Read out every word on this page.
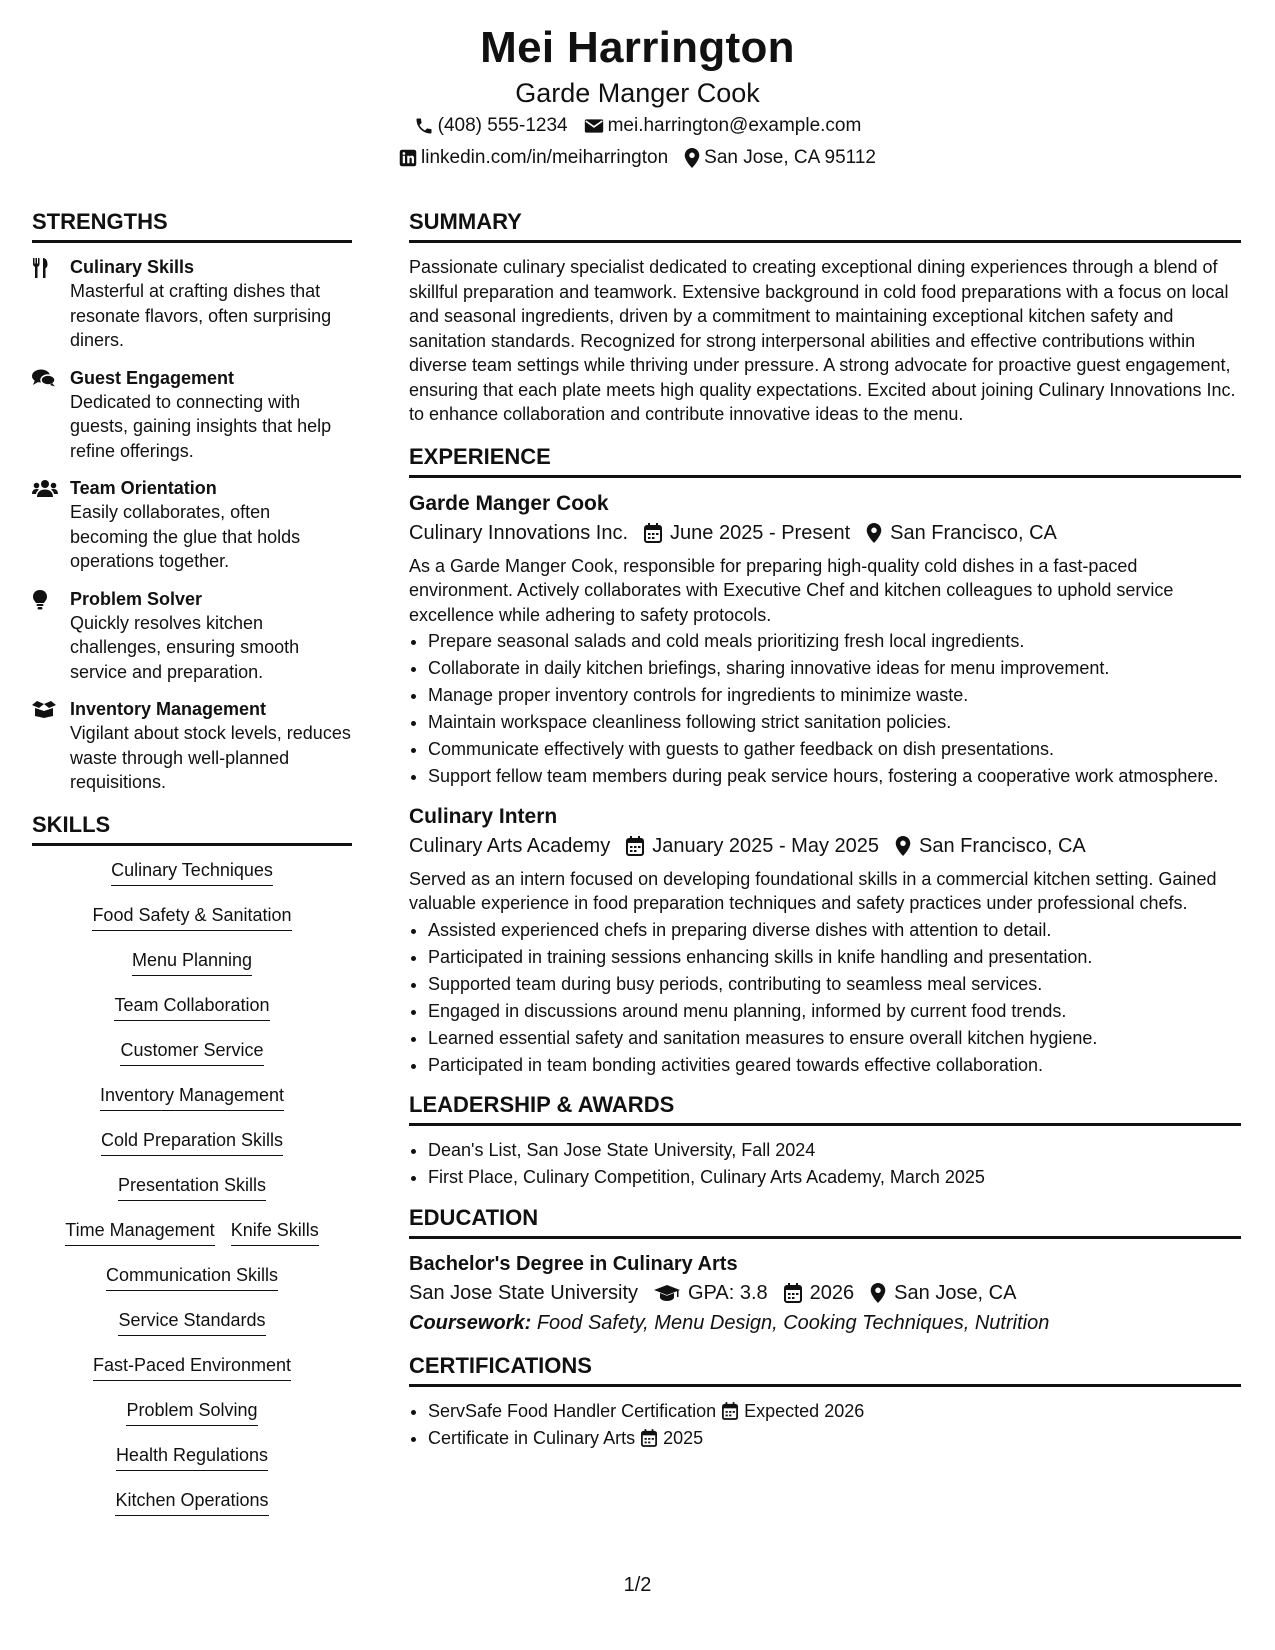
Mei Harrington
Garde Manger Cook
(408) 555-1234 mei.harrington@example.com
linkedin.com/in/meiharrington San Jose, CA 95112
STRENGTHS
Culinary Skills
Masterful at crafting dishes that resonate flavors, often surprising diners.
Guest Engagement
Dedicated to connecting with guests, gaining insights that help refine offerings.
Team Orientation
Easily collaborates, often becoming the glue that holds operations together.
Problem Solver
Quickly resolves kitchen challenges, ensuring smooth service and preparation.
Inventory Management
Vigilant about stock levels, reduces waste through well-planned requisitions.
SKILLS
Culinary Techniques
Food Safety & Sanitation
Menu Planning
Team Collaboration
Customer Service
Inventory Management
Cold Preparation Skills
Presentation Skills
Time Management Knife Skills
Communication Skills
Service Standards
Fast-Paced Environment
Problem Solving
Health Regulations
Kitchen Operations
SUMMARY

Passionate culinary specialist dedicated to creating exceptional dining experiences through a blend of skillful preparation and teamwork. Extensive background in cold food preparations with a focus on local and seasonal ingredients, driven by a commitment to maintaining exceptional kitchen safety and sanitation standards. Recognized for strong interpersonal abilities and effective contributions within diverse team settings while thriving under pressure. A strong advocate for proactive guest engagement, ensuring that each plate meets high quality expectations. Excited about joining Culinary Innovations Inc. to enhance collaboration and contribute innovative ideas to the menu.

EXPERIENCE
Garde Manger Cook
Culinary Innovations Inc. June 2025 - Present San Francisco, CA

As a Garde Manger Cook, responsible for preparing high-quality cold dishes in a fast-paced environment. Actively collaborates with Executive Chef and kitchen colleagues to uphold service excellence while adhering to safety protocols.

• Prepare seasonal salads and cold meals prioritizing fresh local ingredients.
• Collaborate in daily kitchen briefings, sharing innovative ideas for menu improvement.
• Manage proper inventory controls for ingredients to minimize waste.
• Maintain workspace cleanliness following strict sanitation policies.
• Communicate effectively with guests to gather feedback on dish presentations.
• Support fellow team members during peak service hours, fostering a cooperative work atmosphere.
Culinary Intern
Culinary Arts Academy January 2025 - May 2025 San Francisco, CA

Served as an intern focused on developing foundational skills in a commercial kitchen setting. Gained valuable experience in food preparation techniques and safety practices under professional chefs.

• Assisted experienced chefs in preparing diverse dishes with attention to detail.
• Participated in training sessions enhancing skills in knife handling and presentation.
• Supported team during busy periods, contributing to seamless meal services.
• Engaged in discussions around menu planning, informed by current food trends.
• Learned essential safety and sanitation measures to ensure overall kitchen hygiene.
• Participated in team bonding activities geared towards effective collaboration.
LEADERSHIP & AWARDS
• Dean's List, San Jose State University, Fall 2024
• First Place, Culinary Competition, Culinary Arts Academy, March 2025
EDUCATION
Bachelor's Degree in Culinary Arts
San Jose State University	GPA: 3.8 2026 San Jose, CA
Coursework: Food Safety, Menu Design, Cooking Techniques, Nutrition
CERTIFICATIONS
• ServSafe Food Handler Certification Expected 2026
• Certificate in Culinary Arts 2025
1/2
